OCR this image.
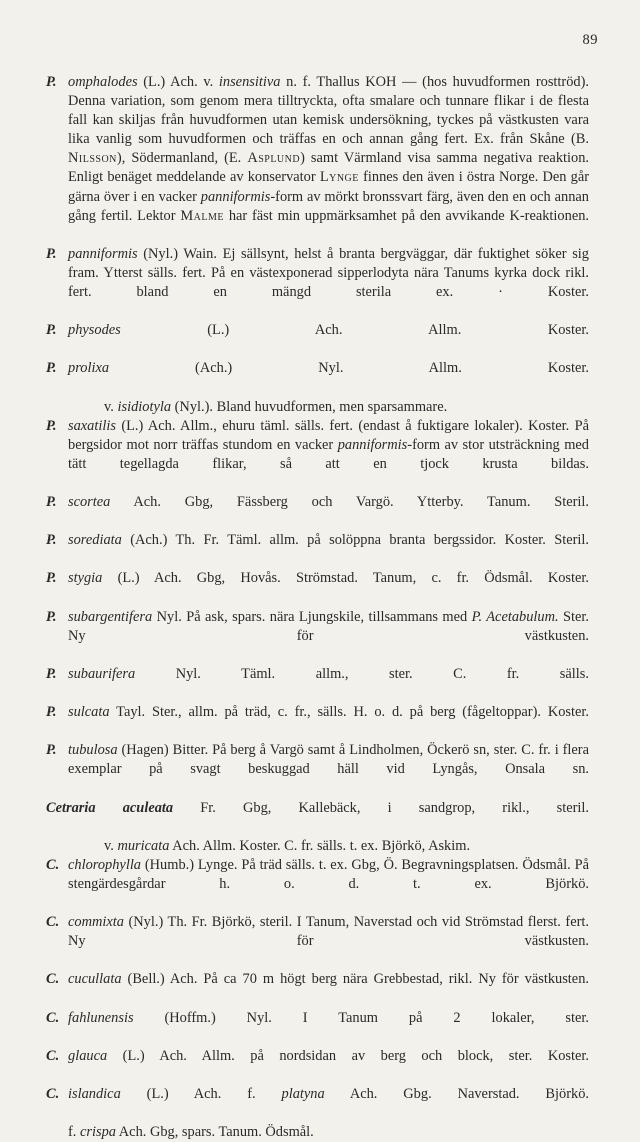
89
P. omphalodes (L.) Ach. v. insensitiva n. f. Thallus KOH — (hos huvudformen rosttröd). Denna variation, som genom mera tilltryckta, ofta smalare och tunnare flikar i de flesta fall kan skiljas från huvudformen utan kemisk undersökning, tyckes på västkusten vara lika vanlig som huvudformen och träffas en och annan gång fert. Ex. från Skåne (B. Nilsson), Södermanland, (E. Asplund) samt Värmland visa samma negativa reaktion. Enligt benäget meddelande av konservator Lynge finnes den även i östra Norge. Den går gärna över i en vacker panniformis-form av mörkt bronssvart färg, även den en och annan gång fertil. Lektor Malme har fäst min uppmärksamhet på den avvikande K-reaktionen.
P. panniformis (Nyl.) Wain. Ej sällsynt, helst å branta bergväggar, där fuktighet söker sig fram. Ytterst sälls. fert. På en västexponerad sipperlodyta nära Tanums kyrka dock rikl. fert. bland en mängd sterila ex. · Koster.
P. physodes (L.) Ach. Allm. Koster.
P. prolixa (Ach.) Nyl. Allm. Koster.
v. isidiotyla (Nyl.). Bland huvudformen, men sparsammare.
P. saxatilis (L.) Ach. Allm., ehuru täml. sälls. fert. (endast å fuktigare lokaler). Koster. På bergsidor mot norr träffas stundom en vacker panniformis-form av stor utsträckning med tätt tegellagda flikar, så att en tjock krusta bildas.
P. scortea Ach. Gbg, Fässberg och Vargö. Ytterby. Tanum. Steril.
P. sorediata (Ach.) Th. Fr. Täml. allm. på solöppna branta bergssidor. Koster. Steril.
P. stygia (L.) Ach. Gbg, Hovås. Strömstad. Tanum, c. fr. Ödsmål. Koster.
P. subargentifera Nyl. På ask, spars. nära Ljungskile, tillsammans med P. Acetabulum. Ster. Ny för västkusten.
P. subaurifera Nyl. Täml. allm., ster. C. fr. sälls.
P. sulcata Tayl. Ster., allm. på träd, c. fr., sälls. H. o. d. på berg (fågeltoppar). Koster.
P. tubulosa (Hagen) Bitter. På berg å Vargö samt å Lindholmen, Öckerö sn, ster. C. fr. i flera exemplar på svagt beskuggad häll vid Lyngås, Onsala sn.
Cetraria aculeata Fr. Gbg, Kallebäck, i sandgrop, rikl., steril.
v. muricata Ach. Allm. Koster. C. fr. sälls. t. ex. Björkö, Askim.
C. chlorophylla (Humb.) Lynge. På träd sälls. t. ex. Gbg, Ö. Begravningsplatsen. Ödsmål. På stengärdesgårdar h. o. d. t. ex. Björkö.
C. commixta (Nyl.) Th. Fr. Björkö, steril. I Tanum, Naverstad och vid Strömstad flerst. fert. Ny för västkusten.
C. cucullata (Bell.) Ach. På ca 70 m högt berg nära Grebbestad, rikl. Ny för västkusten.
C. fahlunensis (Hoffm.) Nyl. I Tanum på 2 lokaler, ster.
C. glauca (L.) Ach. Allm. på nordsidan av berg och block, ster. Koster.
C. islandica (L.) Ach. f. platyna Ach. Gbg. Naverstad. Björkö.
f. crispa Ach. Gbg, spars. Tanum. Ödsmål.
